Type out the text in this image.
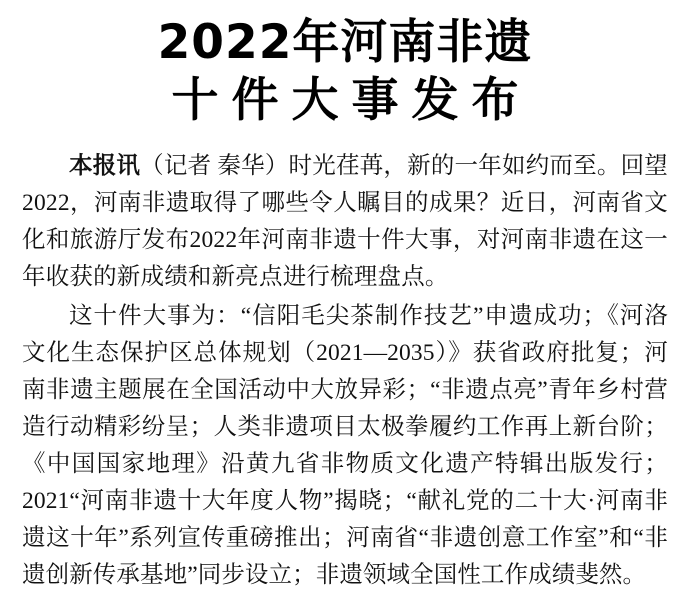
2022年河南非遗
十件大事发布

本报讯（记者 秦华）时光荏苒，新的一年如约而至。回望2022，河南非遗取得了哪些令人瞩目的成果？近日，河南省文化和旅游厅发布2022年河南非遗十件大事，对河南非遗在这一年收获的新成绩和新亮点进行梳理盘点。

这十件大事为：“信阳毛尖茶制作技艺”申遗成功；《河洛文化生态保护区总体规划（2021—2035）》获省政府批复；河南非遗主题展在全国活动中大放异彩；“非遗点亮”青年乡村营造行动精彩纷呈；人类非遗项目太极拳履约工作再上新台阶；《中国国家地理》沿黄九省非物质文化遗产特辑出版发行；2021“河南非遗十大年度人物”揭晓；“献礼党的二十大·河南非遗这十年”系列宣传重磅推出；河南省“非遗创意工作室”和“非遗创新传承基地”同步设立；非遗领域全国性工作成绩斐然。
